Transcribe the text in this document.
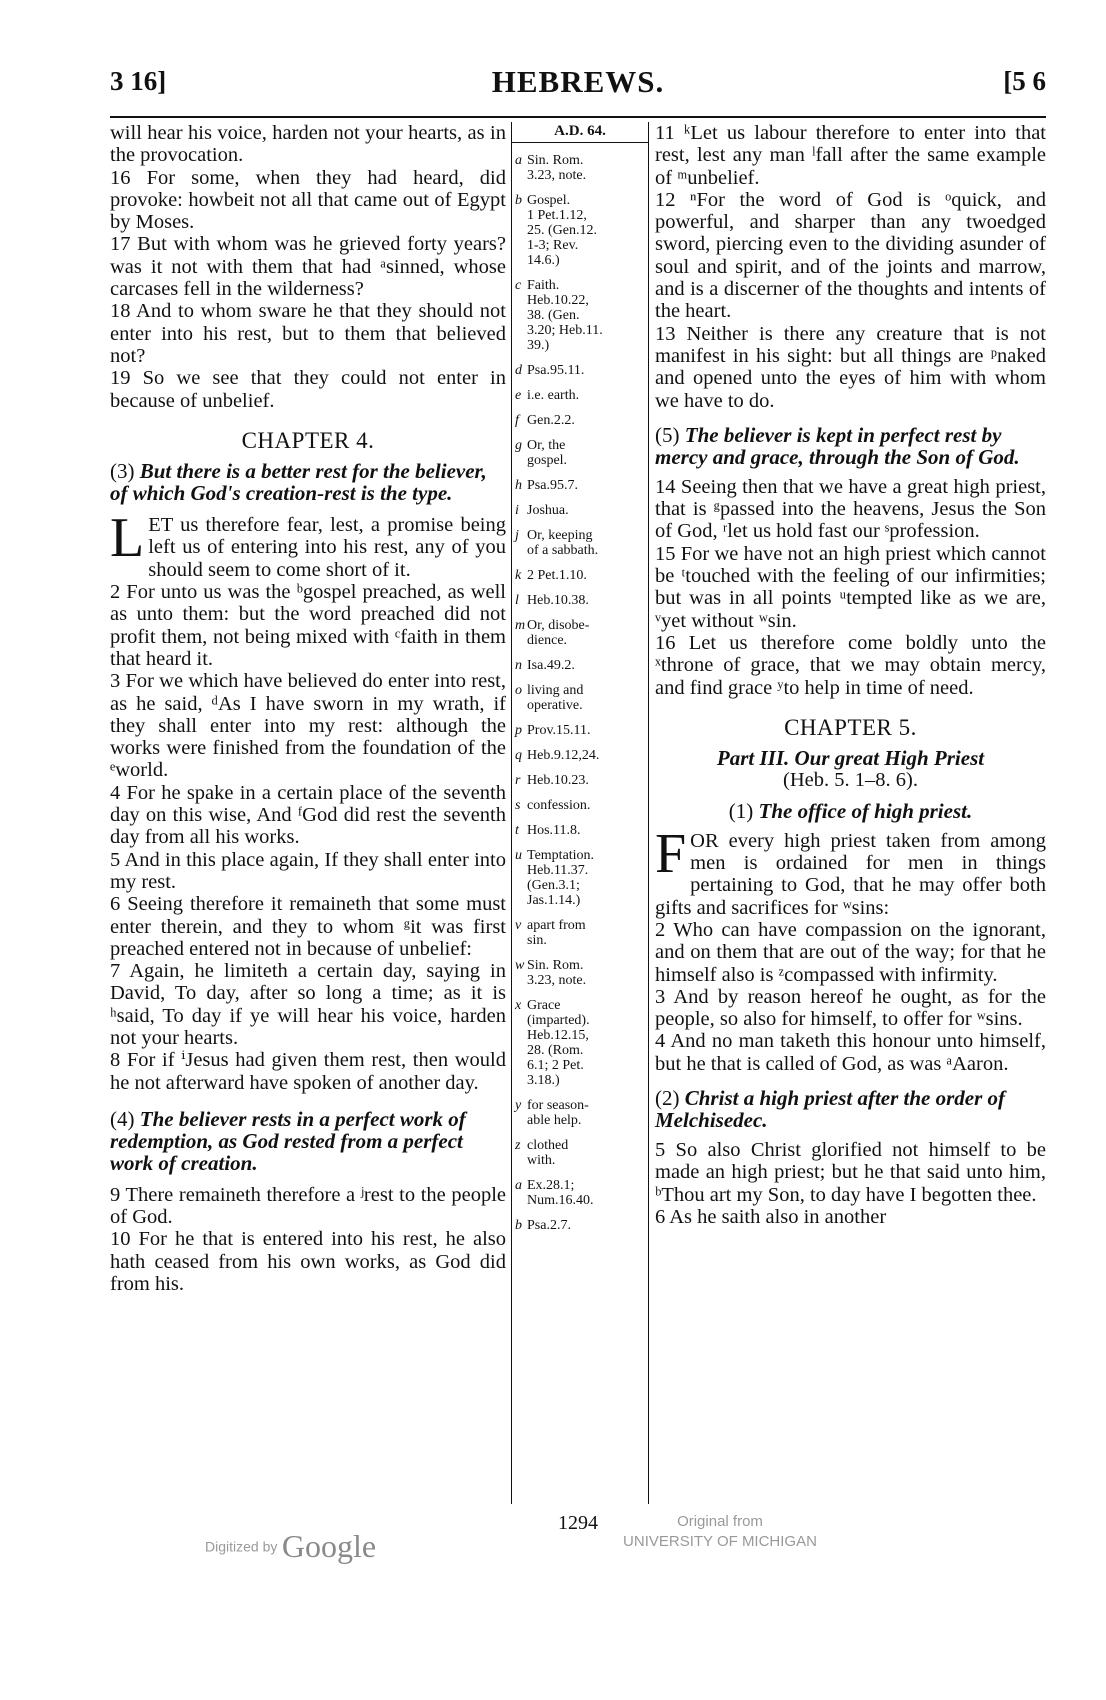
3 16]	HEBREWS.	[5 6

will hear his voice, harden not your hearts, as in the provocation.

16 For some, when they had heard, did provoke: howbeit not all that came out of Egypt by Moses.

17 But with whom was he grieved forty years? was it not with them that had ᵃsinned, whose carcases fell in the wilderness?

18 And to whom sware he that they should not enter into his rest, but to them that believed not?

19 So we see that they could not enter in because of unbelief.

CHAPTER 4.

(3) But there is a better rest for the believer, of which God's creation-rest is the type.

LET us therefore fear, lest, a promise being left us of entering into his rest, any of you should seem to come short of it.

2 For unto us was the ᵇgospel preached, as well as unto them: but the word preached did not profit them, not being mixed with ᶜfaith in them that heard it.

3 For we which have believed do enter into rest, as he said, ᵈAs I have sworn in my wrath, if they shall enter into my rest: although the works were finished from the foundation of the ᵉworld.

4 For he spake in a certain place of the seventh day on this wise, And ᶠGod did rest the seventh day from all his works.

5 And in this place again, If they shall enter into my rest.

6 Seeing therefore it remaineth that some must enter therein, and they to whom ᵍit was first preached entered not in because of unbelief:

7 Again, he limiteth a certain day, saying in David, To day, after so long a time; as it is ʰsaid, To day if ye will hear his voice, harden not your hearts.

8 For if ⁱJesus had given them rest, then would he not afterward have spoken of another day.

(4) The believer rests in a perfect work of redemption, as God rested from a perfect work of creation.

9 There remaineth therefore a ʲrest to the people of God.

10 For he that is entered into his rest, he also hath ceased from his own works, as God did from his.

A.D. 64.
a Sin. Rom.
3.23, note.
b Gospel.
1 Pet.1.12,
25. (Gen.12.
1-3; Rev.
14.6.)
c Faith.
Heb.10.22,
38. (Gen.
3.20; Heb.11.
39.)
d Psa.95.11.
e i.e. earth.
f Gen.2.2.
g Or, the
gospel.
h Psa.95.7.
i Joshua.
j Or, keeping
of a sabbath.
k 2 Pet.1.10.
l Heb.10.38.
m Or, disobe-
dience.
n Isa.49.2.
o living and
operative.
p Prov.15.11.
q Heb.9.12,24.
r Heb.10.23.
s confession.
t Hos.11.8.
u Temptation.
Heb.11.37.
(Gen.3.1;
Jas.1.14.)
v apart from
sin.
w Sin. Rom.
3.23, note.
x Grace
(imparted).
Heb.12.15,
28. (Rom.
6.1; 2 Pet.
3.18.)
y for season-
able help.
z clothed
with.
a Ex.28.1;
Num.16.40.
b Psa.2.7.

11 ᵏLet us labour therefore to enter into that rest, lest any man ˡfall after the same example of ᵐunbelief.

12 ⁿFor the word of God is ᵒquick, and powerful, and sharper than any twoedged sword, piercing even to the dividing asunder of soul and spirit, and of the joints and marrow, and is a discerner of the thoughts and intents of the heart.

13 Neither is there any creature that is not manifest in his sight: but all things are ᵖnaked and opened unto the eyes of him with whom we have to do.

(5) The believer is kept in perfect rest by mercy and grace, through the Son of God.

14 Seeing then that we have a great high priest, that is ᵍpassed into the heavens, Jesus the Son of God, ʳlet us hold fast our ˢprofession.

15 For we have not an high priest which cannot be ᵗtouched with the feeling of our infirmities; but was in all points ᵘtempted like as we are, ᵛyet without ʷsin.

16 Let us therefore come boldly unto the ˣthrone of grace, that we may obtain mercy, and find grace ʸto help in time of need.

CHAPTER 5.

Part III. Our great High Priest

(Heb. 5. 1–8. 6).

(1) The office of high priest.

FOR every high priest taken from among men is ordained for men in things pertaining to God, that he may offer both gifts and sacrifices for ʷsins:

2 Who can have compassion on the ignorant, and on them that are out of the way; for that he himself also is ᶻcompassed with infirmity.

3 And by reason hereof he ought, as for the people, so also for himself, to offer for ʷsins.

4 And no man taketh this honour unto himself, but he that is called of God, as was ᵃAaron.

(2) Christ a high priest after the order of Melchisedec.

5 So also Christ glorified not himself to be made an high priest; but he that said unto him, ᵇThou art my Son, to day have I begotten thee.

6 As he saith also in another

1294
Digitized by Google
Original from
UNIVERSITY OF MICHIGAN
